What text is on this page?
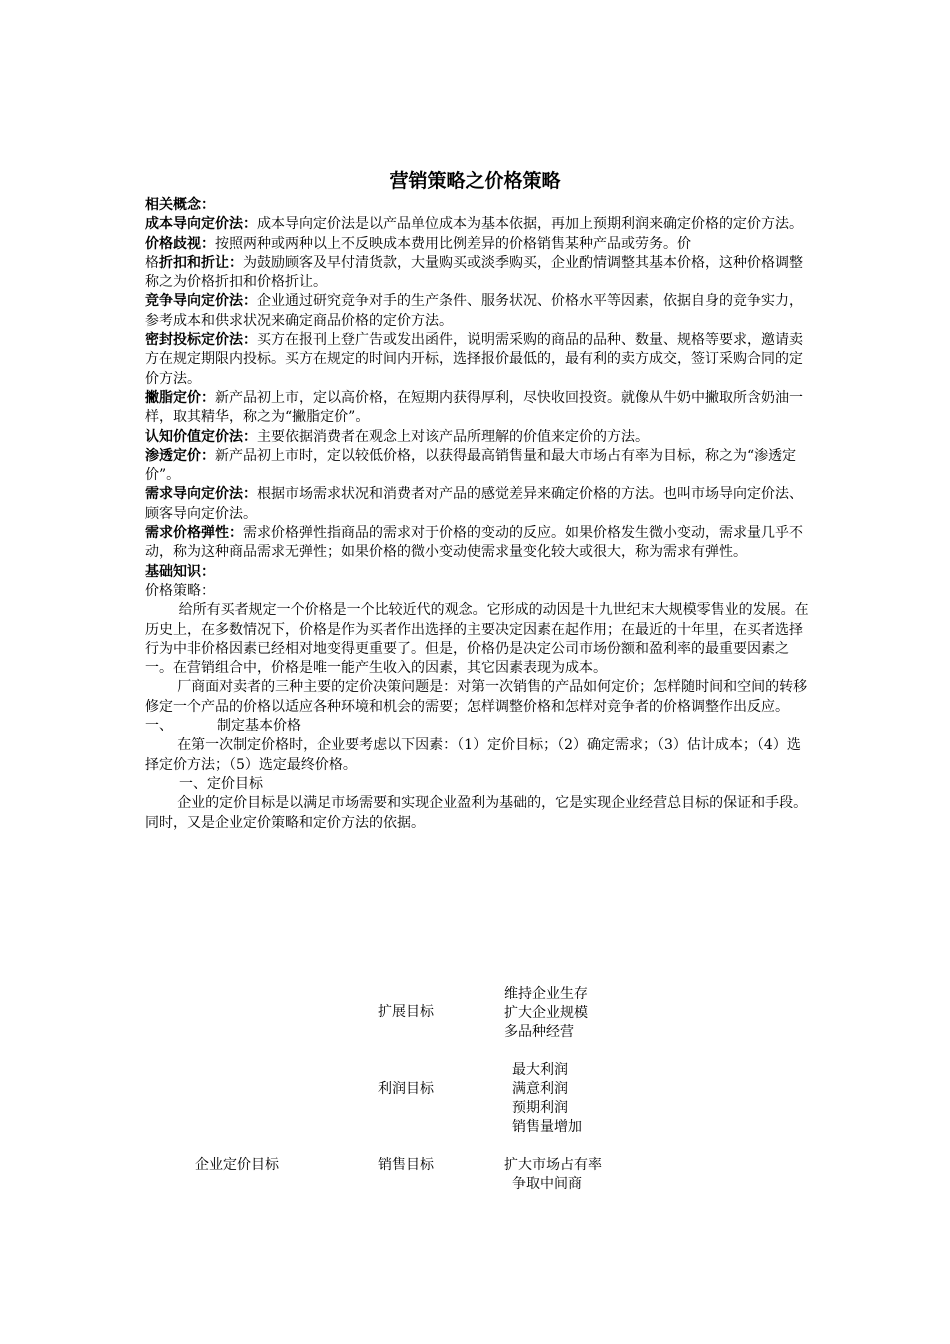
营销策略之价格策略

相关概念：

成本导向定价法：成本导向定价法是以产品单位成本为基本依据，再加上预期利润来确定价格的定价方法。

价格歧视：按照两种或两种以上不反映成本费用比例差异的价格销售某种产品或劳务。价

格折扣和折让：为鼓励顾客及早付清货款，大量购买或淡季购买，企业酌情调整其基本价格，这种价格调整称之为价格折扣和价格折让。

竞争导向定价法：企业通过研究竞争对手的生产条件、服务状况、价格水平等因素，依据自身的竞争实力，参考成本和供求状况来确定商品价格的定价方法。

密封投标定价法：买方在报刊上登广告或发出函件，说明需采购的商品的品种、数量、规格等要求，邀请卖方在规定期限内投标。买方在规定的时间内开标，选择报价最低的，最有利的卖方成交，签订采购合同的定价方法。

撇脂定价：新产品初上市，定以高价格，在短期内获得厚利，尽快收回投资。就像从牛奶中撇取所含奶油一样，取其精华，称之为“撇脂定价”。

认知价值定价法：主要依据消费者在观念上对该产品所理解的价值来定价的方法。

渗透定价：新产品初上市时，定以较低价格，以获得最高销售量和最大市场占有率为目标，称之为“渗透定价”。

需求导向定价法：根据市场需求状况和消费者对产品的感觉差异来确定价格的方法。也叫市场导向定价法、顾客导向定价法。

需求价格弹性：需求价格弹性指商品的需求对于价格的变动的反应。如果价格发生微小变动，需求量几乎不动，称为这种商品需求无弹性；如果价格的微小变动使需求量变化较大或很大，称为需求有弹性。

基础知识：

价格策略：

给所有买者规定一个价格是一个比较近代的观念。它形成的动因是十九世纪末大规模零售业的发展。在历史上，在多数情况下，价格是作为买者作出选择的主要决定因素在起作用；在最近的十年里，在买者选择行为中非价格因素已经相对地变得更重要了。但是，价格仍是决定公司市场份额和盈利率的最重要因素之一。在营销组合中，价格是唯一能产生收入的因素，其它因素表现为成本。

厂商面对卖者的三种主要的定价决策问题是：对第一次销售的产品如何定价；怎样随时间和空间的转移修定一个产品的价格以适应各种环境和机会的需要；怎样调整价格和怎样对竞争者的价格调整作出反应。

一、	制定基本价格

在第一次制定价格时，企业要考虑以下因素：（1）定价目标；（2）确定需求；（3）估计成本；（4）选择定价方法；（5）选定最终价格。

一、定价目标

企业的定价目标是以满足市场需要和实现企业盈利为基础的，它是实现企业经营总目标的保证和手段。同时，又是企业定价策略和定价方法的依据。

企业定价目标
扩展目标
维持企业生存
扩大企业规模
多品种经营
利润目标
最大利润
满意利润
预期利润
销售量增加
销售目标	扩大市场占有率
争取中间商
